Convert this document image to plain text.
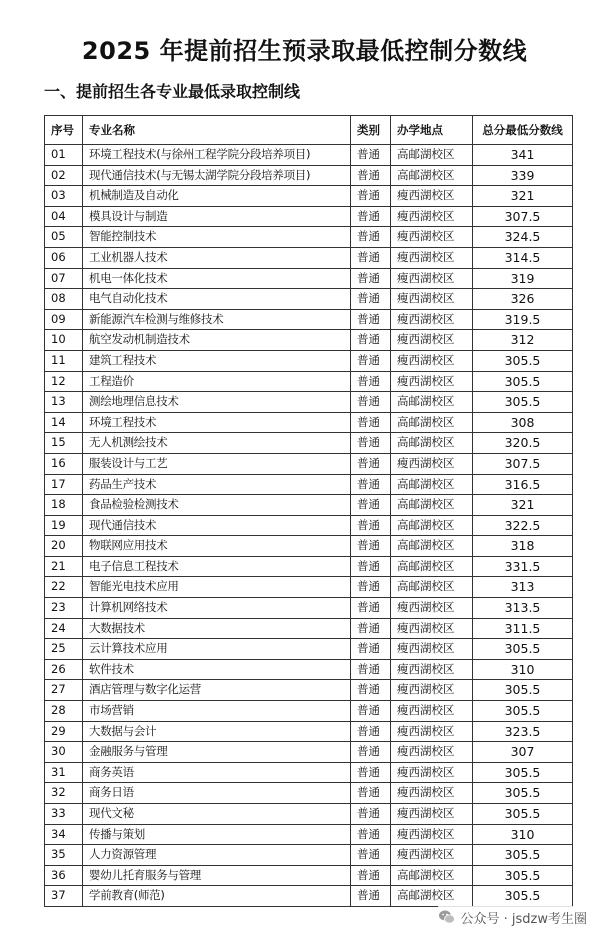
2025 年提前招生预录取最低控制分数线
一、提前招生各专业最低录取控制线
序号	专业名称	类别	办学地点	总分最低分数线
01	环境工程技术(与徐州工程学院分段培养项目)	普通	高邮湖校区	341
02	现代通信技术(与无锡太湖学院分段培养项目)	普通	高邮湖校区	339
03	机械制造及自动化	普通	瘦西湖校区	321
04	模具设计与制造	普通	瘦西湖校区	307.5
05	智能控制技术	普通	瘦西湖校区	324.5
06	工业机器人技术	普通	瘦西湖校区	314.5
07	机电一体化技术	普通	瘦西湖校区	319
08	电气自动化技术	普通	瘦西湖校区	326
09	新能源汽车检测与维修技术	普通	瘦西湖校区	319.5
10	航空发动机制造技术	普通	瘦西湖校区	312
11	建筑工程技术	普通	瘦西湖校区	305.5
12	工程造价	普通	瘦西湖校区	305.5
13	测绘地理信息技术	普通	高邮湖校区	305.5
14	环境工程技术	普通	高邮湖校区	308
15	无人机测绘技术	普通	高邮湖校区	320.5
16	服装设计与工艺	普通	瘦西湖校区	307.5
17	药品生产技术	普通	高邮湖校区	316.5
18	食品检验检测技术	普通	高邮湖校区	321
19	现代通信技术	普通	高邮湖校区	322.5
20	物联网应用技术	普通	高邮湖校区	318
21	电子信息工程技术	普通	高邮湖校区	331.5
22	智能光电技术应用	普通	高邮湖校区	313
23	计算机网络技术	普通	瘦西湖校区	313.5
24	大数据技术	普通	瘦西湖校区	311.5
25	云计算技术应用	普通	瘦西湖校区	305.5
26	软件技术	普通	瘦西湖校区	310
27	酒店管理与数字化运营	普通	瘦西湖校区	305.5
28	市场营销	普通	瘦西湖校区	305.5
29	大数据与会计	普通	瘦西湖校区	323.5
30	金融服务与管理	普通	瘦西湖校区	307
31	商务英语	普通	瘦西湖校区	305.5
32	商务日语	普通	瘦西湖校区	305.5
33	现代文秘	普通	瘦西湖校区	305.5
34	传播与策划	普通	瘦西湖校区	310
35	人力资源管理	普通	瘦西湖校区	305.5
36	婴幼儿托育服务与管理	普通	高邮湖校区	305.5
37	学前教育(师范)	普通	高邮湖校区	305.5
公众号 · jsdzw考生圈
